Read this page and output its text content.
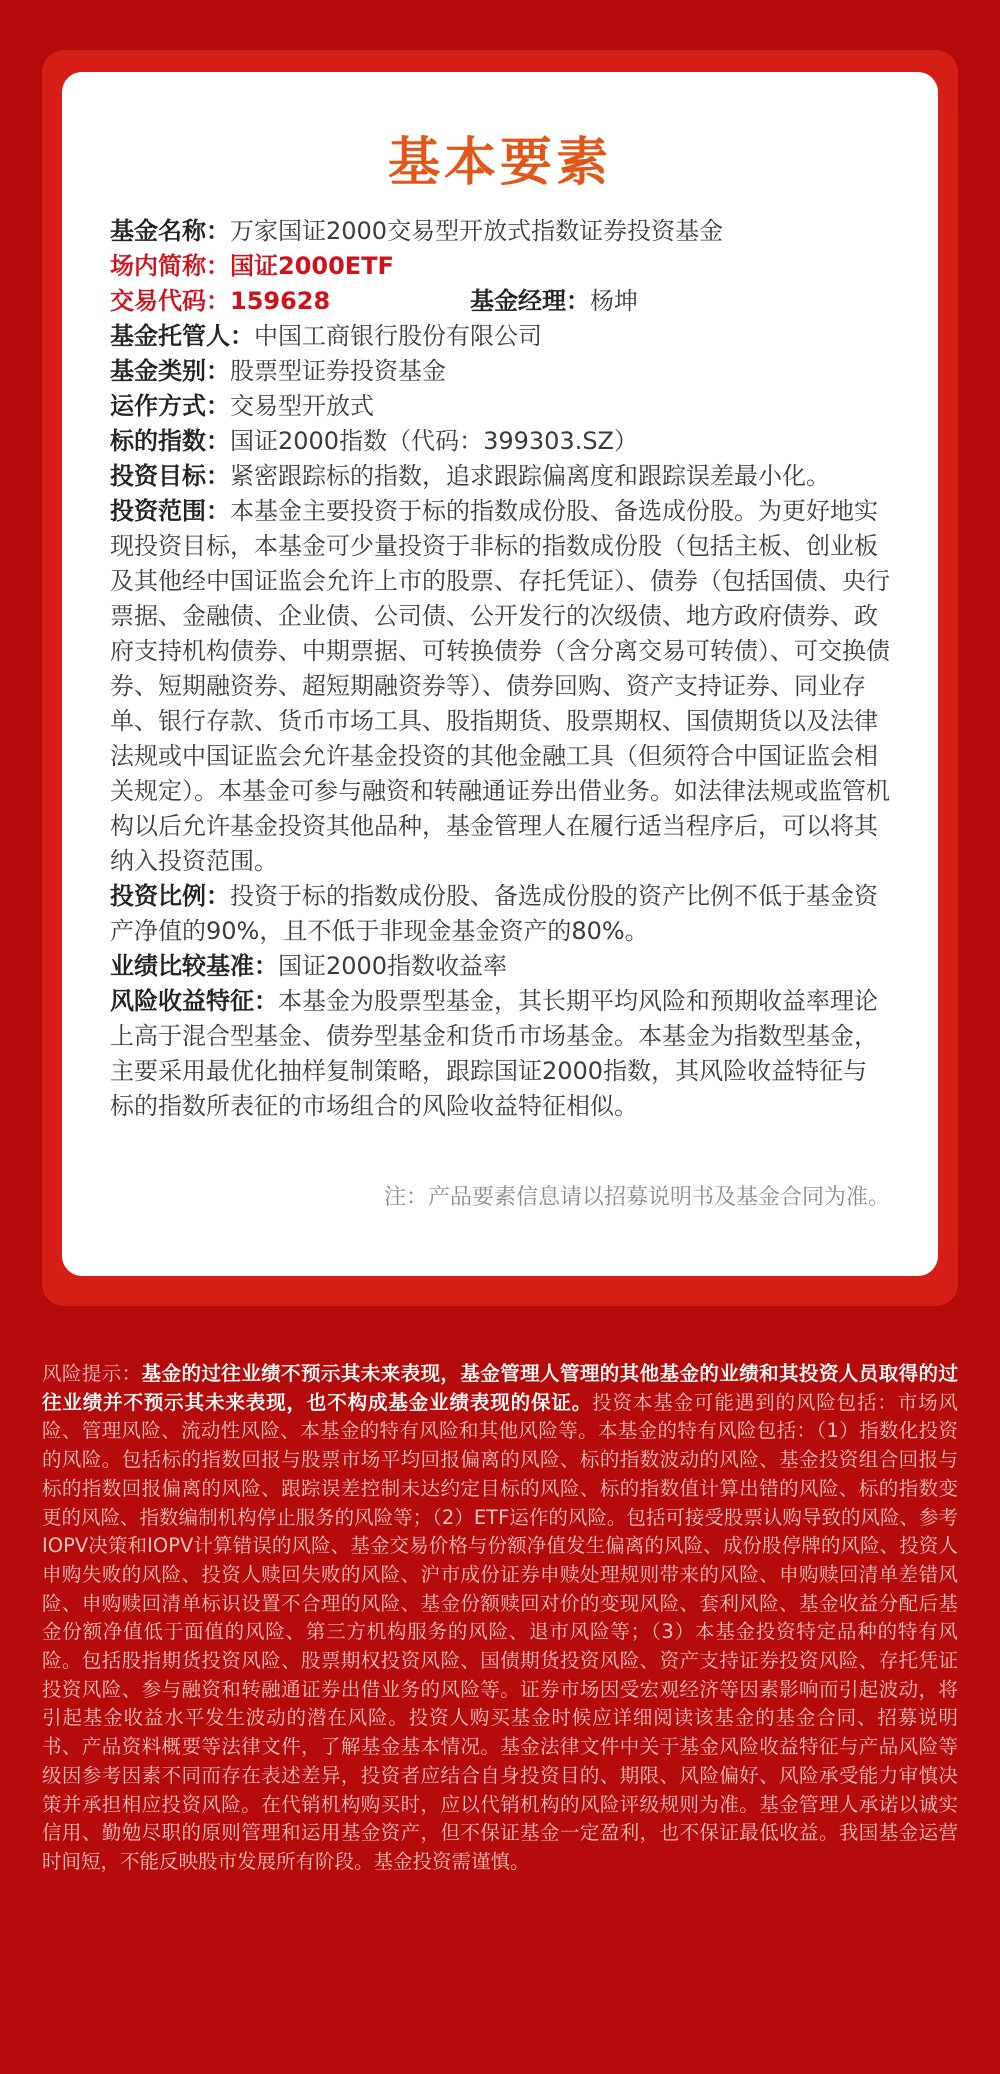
基本要素

基金名称：万家国证2000交易型开放式指数证券投资基金

场内简称：国证2000ETF

交易代码：159628	基金经理：杨坤

基金托管人：中国工商银行股份有限公司

基金类别：股票型证券投资基金

运作方式：交易型开放式

标的指数：国证2000指数（代码：399303.SZ）

投资目标：紧密跟踪标的指数，追求跟踪偏离度和跟踪误差最小化。

投资范围：本基金主要投资于标的指数成份股、备选成份股。为更好地实现投资目标，本基金可少量投资于非标的指数成份股（包括主板、创业板及其他经中国证监会允许上市的股票、存托凭证）、债券（包括国债、央行票据、金融债、企业债、公司债、公开发行的次级债、地方政府债券、政府支持机构债券、中期票据、可转换债券（含分离交易可转债）、可交换债券、短期融资券、超短期融资券等）、债券回购、资产支持证券、同业存单、银行存款、货币市场工具、股指期货、股票期权、国债期货以及法律法规或中国证监会允许基金投资的其他金融工具（但须符合中国证监会相关规定）。本基金可参与融资和转融通证券出借业务。如法律法规或监管机构以后允许基金投资其他品种，基金管理人在履行适当程序后，可以将其纳入投资范围。

投资比例：投资于标的指数成份股、备选成份股的资产比例不低于基金资产净值的90%，且不低于非现金基金资产的80%。

业绩比较基准：国证2000指数收益率

风险收益特征：本基金为股票型基金，其长期平均风险和预期收益率理论上高于混合型基金、债券型基金和货币市场基金。本基金为指数型基金，主要采用最优化抽样复制策略，跟踪国证2000指数，其风险收益特征与标的指数所表征的市场组合的风险收益特征相似。

注：产品要素信息请以招募说明书及基金合同为准。
风险提示：基金的过往业绩不预示其未来表现，基金管理人管理的其他基金的业绩和其投资人员取得的过往业绩并不预示其未来表现，也不构成基金业绩表现的保证。投资本基金可能遇到的风险包括：市场风险、管理风险、流动性风险、本基金的特有风险和其他风险等。本基金的特有风险包括：（1）指数化投资的风险。包括标的指数回报与股票市场平均回报偏离的风险、标的指数波动的风险、基金投资组合回报与标的指数回报偏离的风险、跟踪误差控制未达约定目标的风险、标的指数值计算出错的风险、标的指数变更的风险、指数编制机构停止服务的风险等；（2）ETF运作的风险。包括可接受股票认购导致的风险、参考IOPV决策和IOPV计算错误的风险、基金交易价格与份额净值发生偏离的风险、成份股停牌的风险、投资人申购失败的风险、投资人赎回失败的风险、沪市成份证券申赎处理规则带来的风险、申购赎回清单差错风险、申购赎回清单标识设置不合理的风险、基金份额赎回对价的变现风险、套利风险、基金收益分配后基金份额净值低于面值的风险、第三方机构服务的风险、退市风险等；（3）本基金投资特定品种的特有风险。包括股指期货投资风险、股票期权投资风险、国债期货投资风险、资产支持证券投资风险、存托凭证投资风险、参与融资和转融通证券出借业务的风险等。证券市场因受宏观经济等因素影响而引起波动，将引起基金收益水平发生波动的潜在风险。投资人购买基金时候应详细阅读该基金的基金合同、招募说明书、产品资料概要等法律文件，了解基金基本情况。基金法律文件中关于基金风险收益特征与产品风险等级因参考因素不同而存在表述差异，投资者应结合自身投资目的、期限、风险偏好、风险承受能力审慎决策并承担相应投资风险。在代销机构购买时，应以代销机构的风险评级规则为准。基金管理人承诺以诚实信用、勤勉尽职的原则管理和运用基金资产，但不保证基金一定盈利，也不保证最低收益。我国基金运营时间短，不能反映股市发展所有阶段。基金投资需谨慎。
